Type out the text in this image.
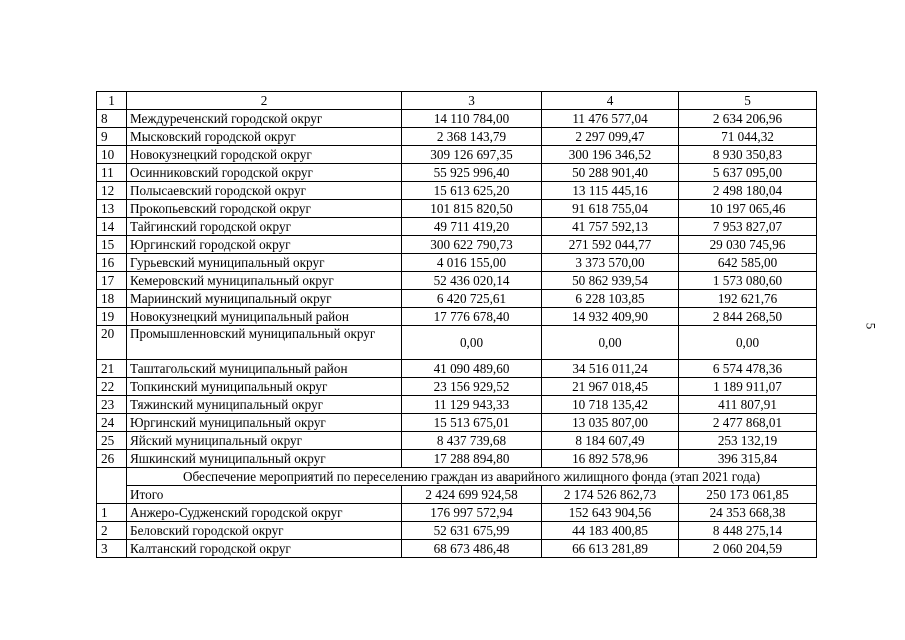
1	2	3	4	5
8	Междуреченский городской округ	14 110 784,00	11 476 577,04	2 634 206,96
9	Мысковский городской округ	2 368 143,79	2 297 099,47	71 044,32
10	Новокузнецкий городской округ	309 126 697,35	300 196 346,52	8 930 350,83
11	Осинниковский городской округ	55 925 996,40	50 288 901,40	5 637 095,00
12	Полысаевский городской округ	15 613 625,20	13 115 445,16	2 498 180,04
13	Прокопьевский городской округ	101 815 820,50	91 618 755,04	10 197 065,46
14	Тайгинский городской округ	49 711 419,20	41 757 592,13	7 953 827,07
15	Юргинский городской округ	300 622 790,73	271 592 044,77	29 030 745,96
16	Гурьевский муниципальный округ	4 016 155,00	3 373 570,00	642 585,00
17	Кемеровский муниципальный округ	52 436 020,14	50 862 939,54	1 573 080,60
18	Мариинский муниципальный округ	6 420 725,61	6 228 103,85	192 621,76
19	Новокузнецкий муниципальный район	17 776 678,40	14 932 409,90	2 844 268,50
20	Промышленновский муниципальный округ	0,00	0,00	0,00
21	Таштагольский муниципальный район	41 090 489,60	34 516 011,24	6 574 478,36
22	Топкинский муниципальный округ	23 156 929,52	21 967 018,45	1 189 911,07
23	Тяжинский муниципальный округ	11 129 943,33	10 718 135,42	411 807,91
24	Юргинский муниципальный округ	15 513 675,01	13 035 807,00	2 477 868,01
25	Яйский муниципальный округ	8 437 739,68	8 184 607,49	253 132,19
26	Яшкинский муниципальный округ	17 288 894,80	16 892 578,96	396 315,84
	Обеспечение мероприятий по переселению граждан из аварийного жилищного фонда (этап 2021 года)			
	Итого	2 424 699 924,58	2 174 526 862,73	250 173 061,85
1	Анжеро-Судженский городской округ	176 997 572,94	152 643 904,56	24 353 668,38
2	Беловский городской округ	52 631 675,99	44 183 400,85	8 448 275,14
3	Калтанский городской округ	68 673 486,48	66 613 281,89	2 060 204,59
5
